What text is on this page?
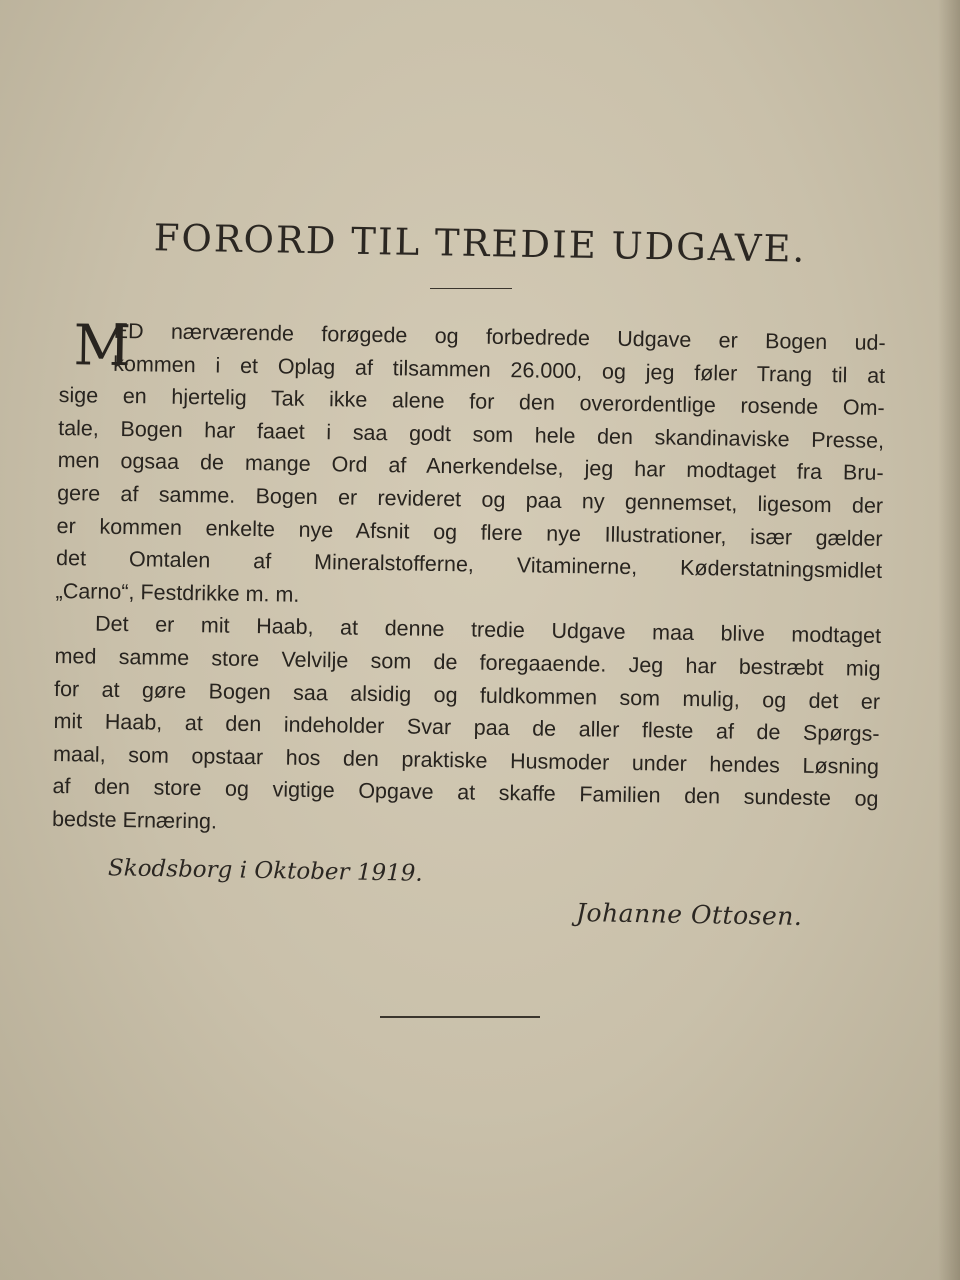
FORORD TIL TREDIE UDGAVE.
M
ED nærværende forøgede og forbedrede Udgave er Bogen ud-
kommen i et Oplag af tilsammen 26.000, og jeg føler Trang til at
sige en hjertelig Tak ikke alene for den overordentlige rosende Om-
tale, Bogen har faaet i saa godt som hele den skandinaviske Presse,
men ogsaa de mange Ord af Anerkendelse, jeg har modtaget fra Bru-
gere af samme. Bogen er revideret og paa ny gennemset, ligesom der
er kommen enkelte nye Afsnit og flere nye Illustrationer, især gælder
det Omtalen af Mineralstofferne, Vitaminerne, Køderstatningsmidlet
„Carno“, Festdrikke m. m.
Det er mit Haab, at denne tredie Udgave maa blive modtaget
med samme store Velvilje som de foregaaende. Jeg har bestræbt mig
for at gøre Bogen saa alsidig og fuldkommen som mulig, og det er
mit Haab, at den indeholder Svar paa de aller fleste af de Spørgs-
maal, som opstaar hos den praktiske Husmoder under hendes Løsning
af den store og vigtige Opgave at skaffe Familien den sundeste og
bedste Ernæring.

Skodsborg i Oktober 1919.

Johanne Ottosen.
